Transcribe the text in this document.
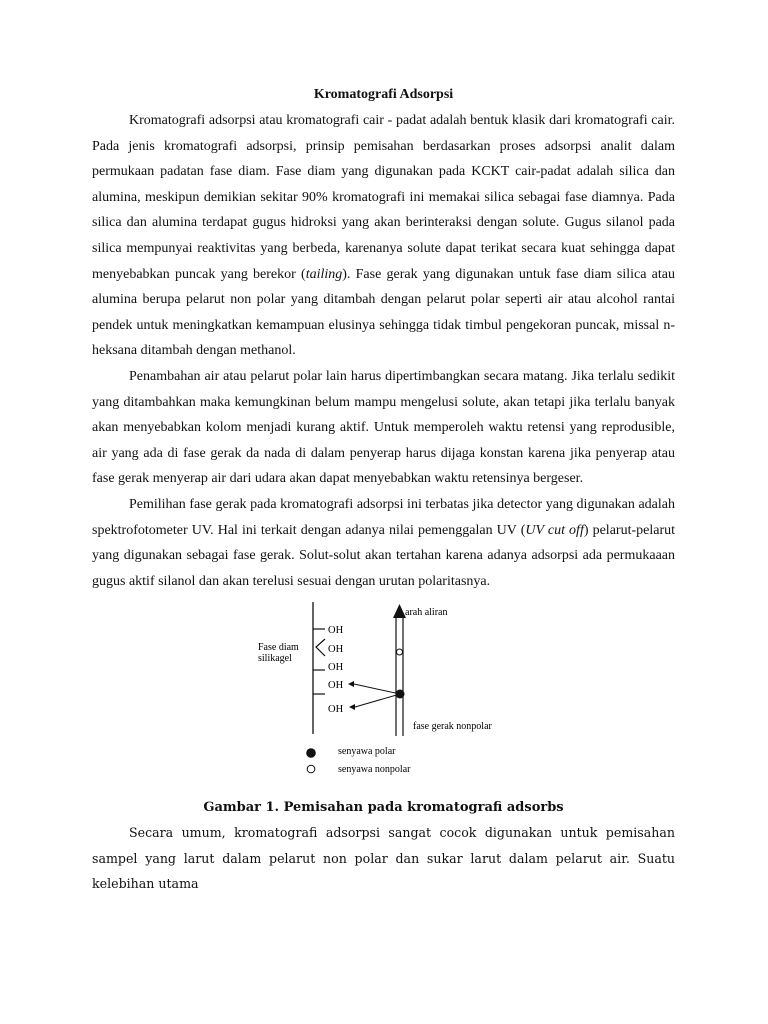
Kromatografi Adsorpsi

Kromatografi adsorpsi atau kromatografi cair - padat adalah bentuk klasik dari kromatografi cair. Pada jenis kromatografi adsorpsi, prinsip pemisahan berdasarkan proses adsorpsi analit dalam permukaan padatan fase diam. Fase diam yang digunakan pada KCKT cair-padat adalah silica dan alumina, meskipun demikian sekitar 90% kromatografi ini memakai silica sebagai fase diamnya. Pada silica dan alumina terdapat gugus hidroksi yang akan berinteraksi dengan solute. Gugus silanol pada silica mempunyai reaktivitas yang berbeda, karenanya solute dapat terikat secara kuat sehingga dapat menyebabkan puncak yang berekor (tailing). Fase gerak yang digunakan untuk fase diam silica atau alumina berupa pelarut non polar yang ditambah dengan pelarut polar seperti air atau alcohol rantai pendek untuk meningkatkan kemampuan elusinya sehingga tidak timbul pengekoran puncak, missal n-heksana ditambah dengan methanol.

Penambahan air atau pelarut polar lain harus dipertimbangkan secara matang. Jika terlalu sedikit yang ditambahkan maka kemungkinan belum mampu mengelusi solute, akan tetapi jika terlalu banyak akan menyebabkan kolom menjadi kurang aktif. Untuk memperoleh waktu retensi yang reprodusible, air yang ada di fase gerak da nada di dalam penyerap harus dijaga konstan karena jika penyerap atau fase gerak menyerap air dari udara akan dapat menyebabkan waktu retensinya bergeser.

Pemilihan fase gerak pada kromatografi adsorpsi ini terbatas jika detector yang digunakan adalah spektrofotometer UV. Hal ini terkait dengan adanya nilai pemenggalan UV (UV cut off) pelarut-pelarut yang digunakan sebagai fase gerak. Solut-solut akan tertahan karena adanya adsorpsi ada permukaaan gugus aktif silanol dan akan terelusi sesuai dengan urutan polaritasnya.

OH
OH
OH
OH
OH
Fase diam
silikagel
arah aliran
fase gerak nonpolar
senyawa polar
senyawa nonpolar
Gambar 1. Pemisahan pada kromatografi adsorbs

Secara umum, kromatografi adsorpsi sangat cocok digunakan untuk pemisahan sampel yang larut dalam pelarut non polar dan sukar larut dalam pelarut air. Suatu kelebihan utama
